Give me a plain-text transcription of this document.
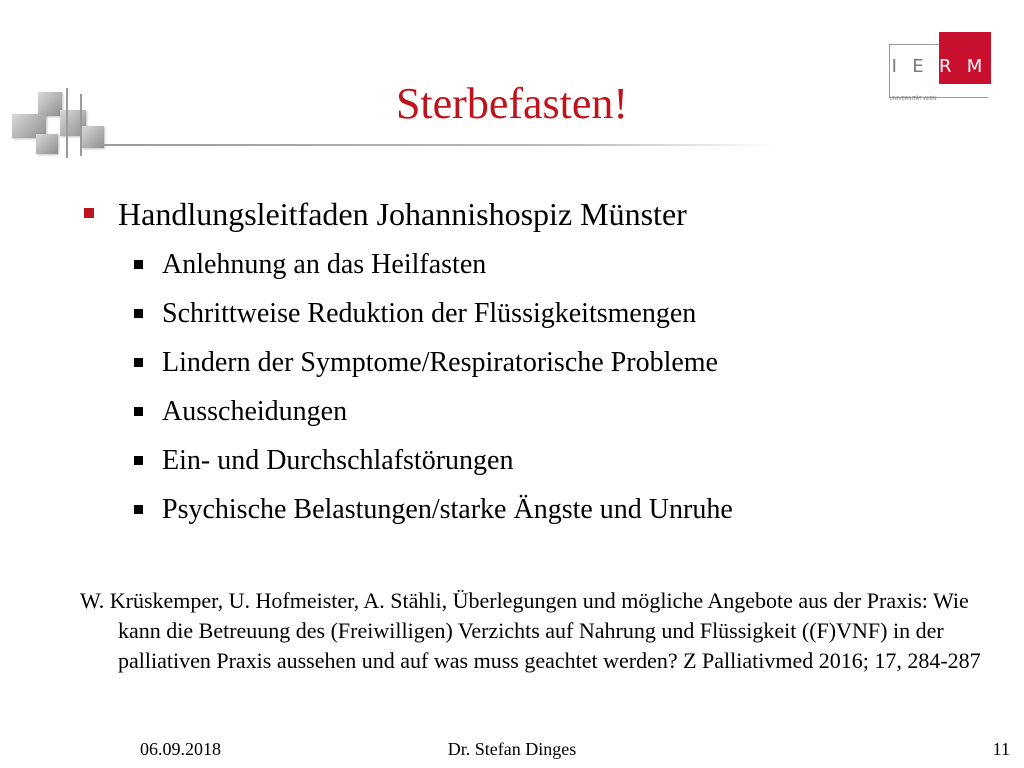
Sterbefasten!
I E R M
UNIVERSITÄT WIEN
Handlungsleitfaden Johannishospiz Münster
Anlehnung an das Heilfasten
Schrittweise Reduktion der Flüssigkeitsmengen
Lindern der Symptome/Respiratorische Probleme
Ausscheidungen
Ein- und Durchschlafstörungen
Psychische Belastungen/starke Ängste und Unruhe
W. Krüskemper, U. Hofmeister, A. Stähli, Überlegungen und mögliche Angebote aus der Praxis: Wie kann die Betreuung des (Freiwilligen) Verzichts auf Nahrung und Flüssigkeit ((F)VNF) in der palliativen Praxis aussehen und auf was muss geachtet werden? Z Palliativmed 2016; 17, 284-287
06.09.2018	Dr. Stefan Dinges	11
